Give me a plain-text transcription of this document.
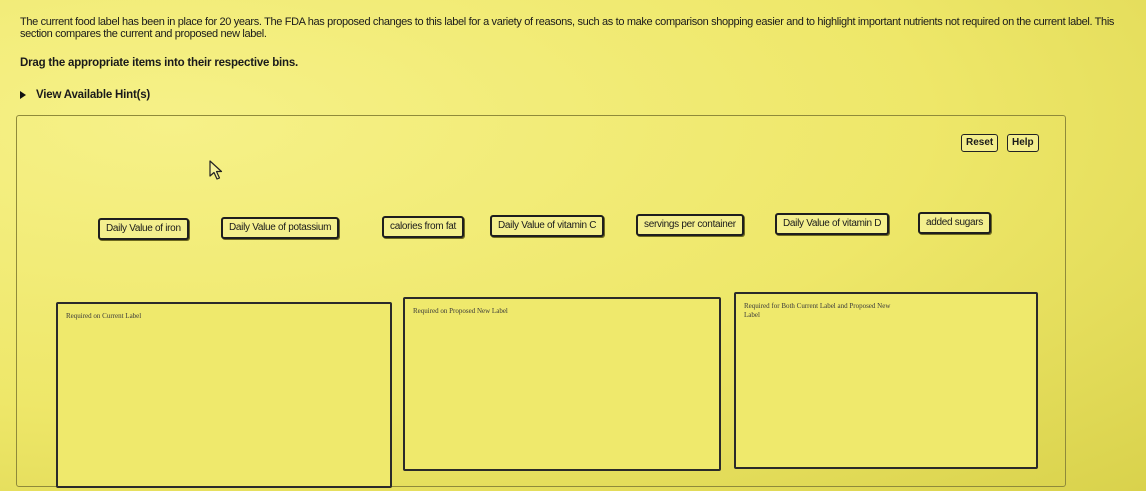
The current food label has been in place for 20 years. The FDA has proposed changes to this label for a variety of reasons, such as to make comparison shopping easier and to highlight important nutrients not required on the current label. This section compares the current and proposed new label.
Drag the appropriate items into their respective bins.
View Available Hint(s)
Reset	Help
Daily Value of iron	Daily Value of potassium	calories from fat	Daily Value of vitamin C	servings per container	Daily Value of vitamin D	added sugars
Required on Current Label
Required on Proposed New Label
Required for Both Current Label and Proposed New Label
